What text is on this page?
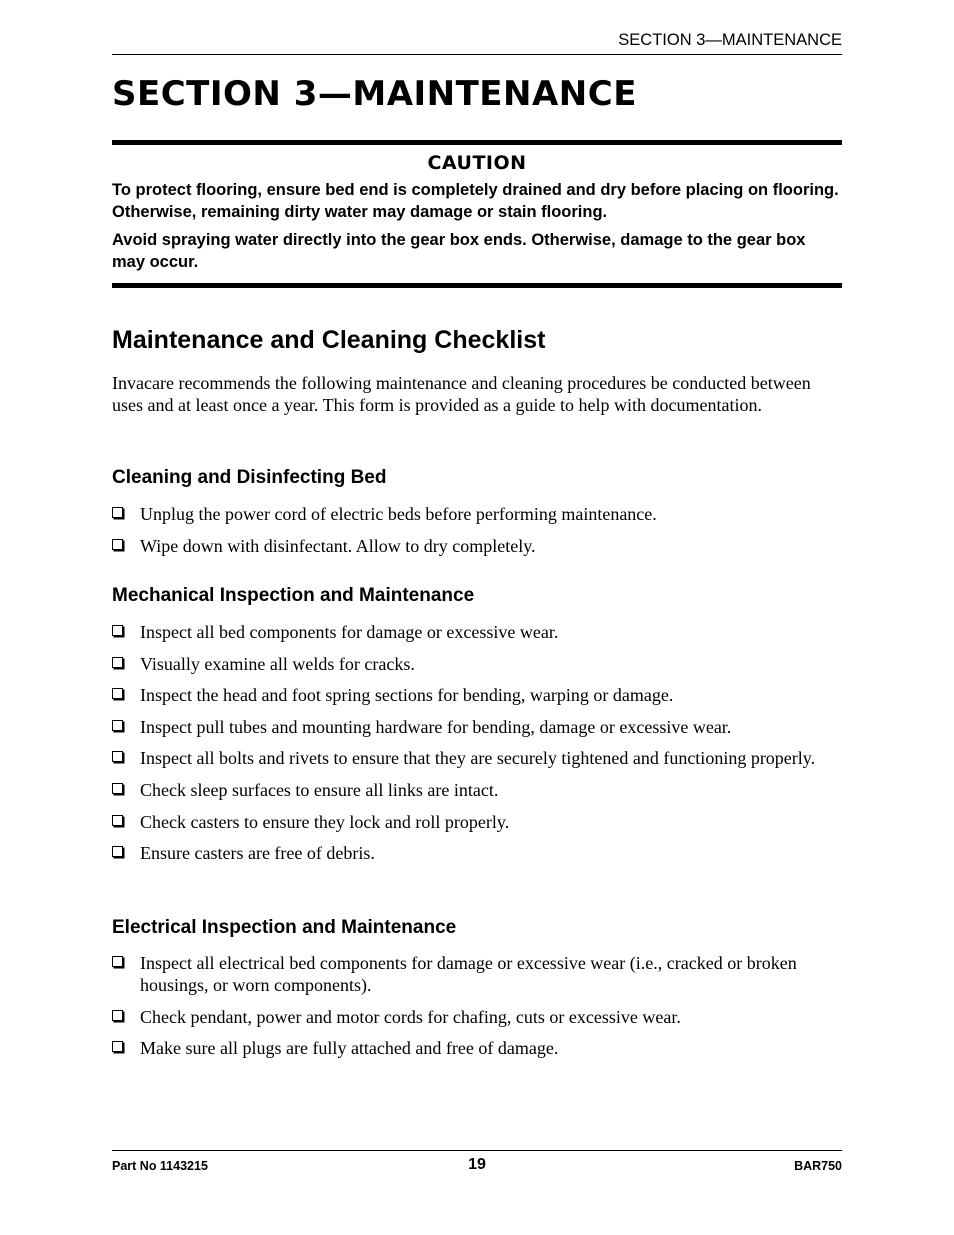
SECTION 3—MAINTENANCE
SECTION 3—MAINTENANCE
CAUTION

To protect flooring, ensure bed end is completely drained and dry before placing on flooring. Otherwise, remaining dirty water may damage or stain flooring.

Avoid spraying water directly into the gear box ends. Otherwise, damage to the gear box may occur.

Maintenance and Cleaning Checklist

Invacare recommends the following maintenance and cleaning procedures be conducted between uses and at least once a year. This form is provided as a guide to help with documentation.

Cleaning and Disinfecting Bed
Unplug the power cord of electric beds before performing maintenance.
Wipe down with disinfectant. Allow to dry completely.
Mechanical Inspection and Maintenance
Inspect all bed components for damage or excessive wear.
Visually examine all welds for cracks.
Inspect the head and foot spring sections for bending, warping or damage.
Inspect pull tubes and mounting hardware for bending, damage or excessive wear.
Inspect all bolts and rivets to ensure that they are securely tightened and functioning properly.
Check sleep surfaces to ensure all links are intact.
Check casters to ensure they lock and roll properly.
Ensure casters are free of debris.
Electrical Inspection and Maintenance
Inspect all electrical bed components for damage or excessive wear (i.e., cracked or broken housings, or worn components).
Check pendant, power and motor cords for chafing, cuts or excessive wear.
Make sure all plugs are fully attached and free of damage.
Part No 1143215	19	BAR750
